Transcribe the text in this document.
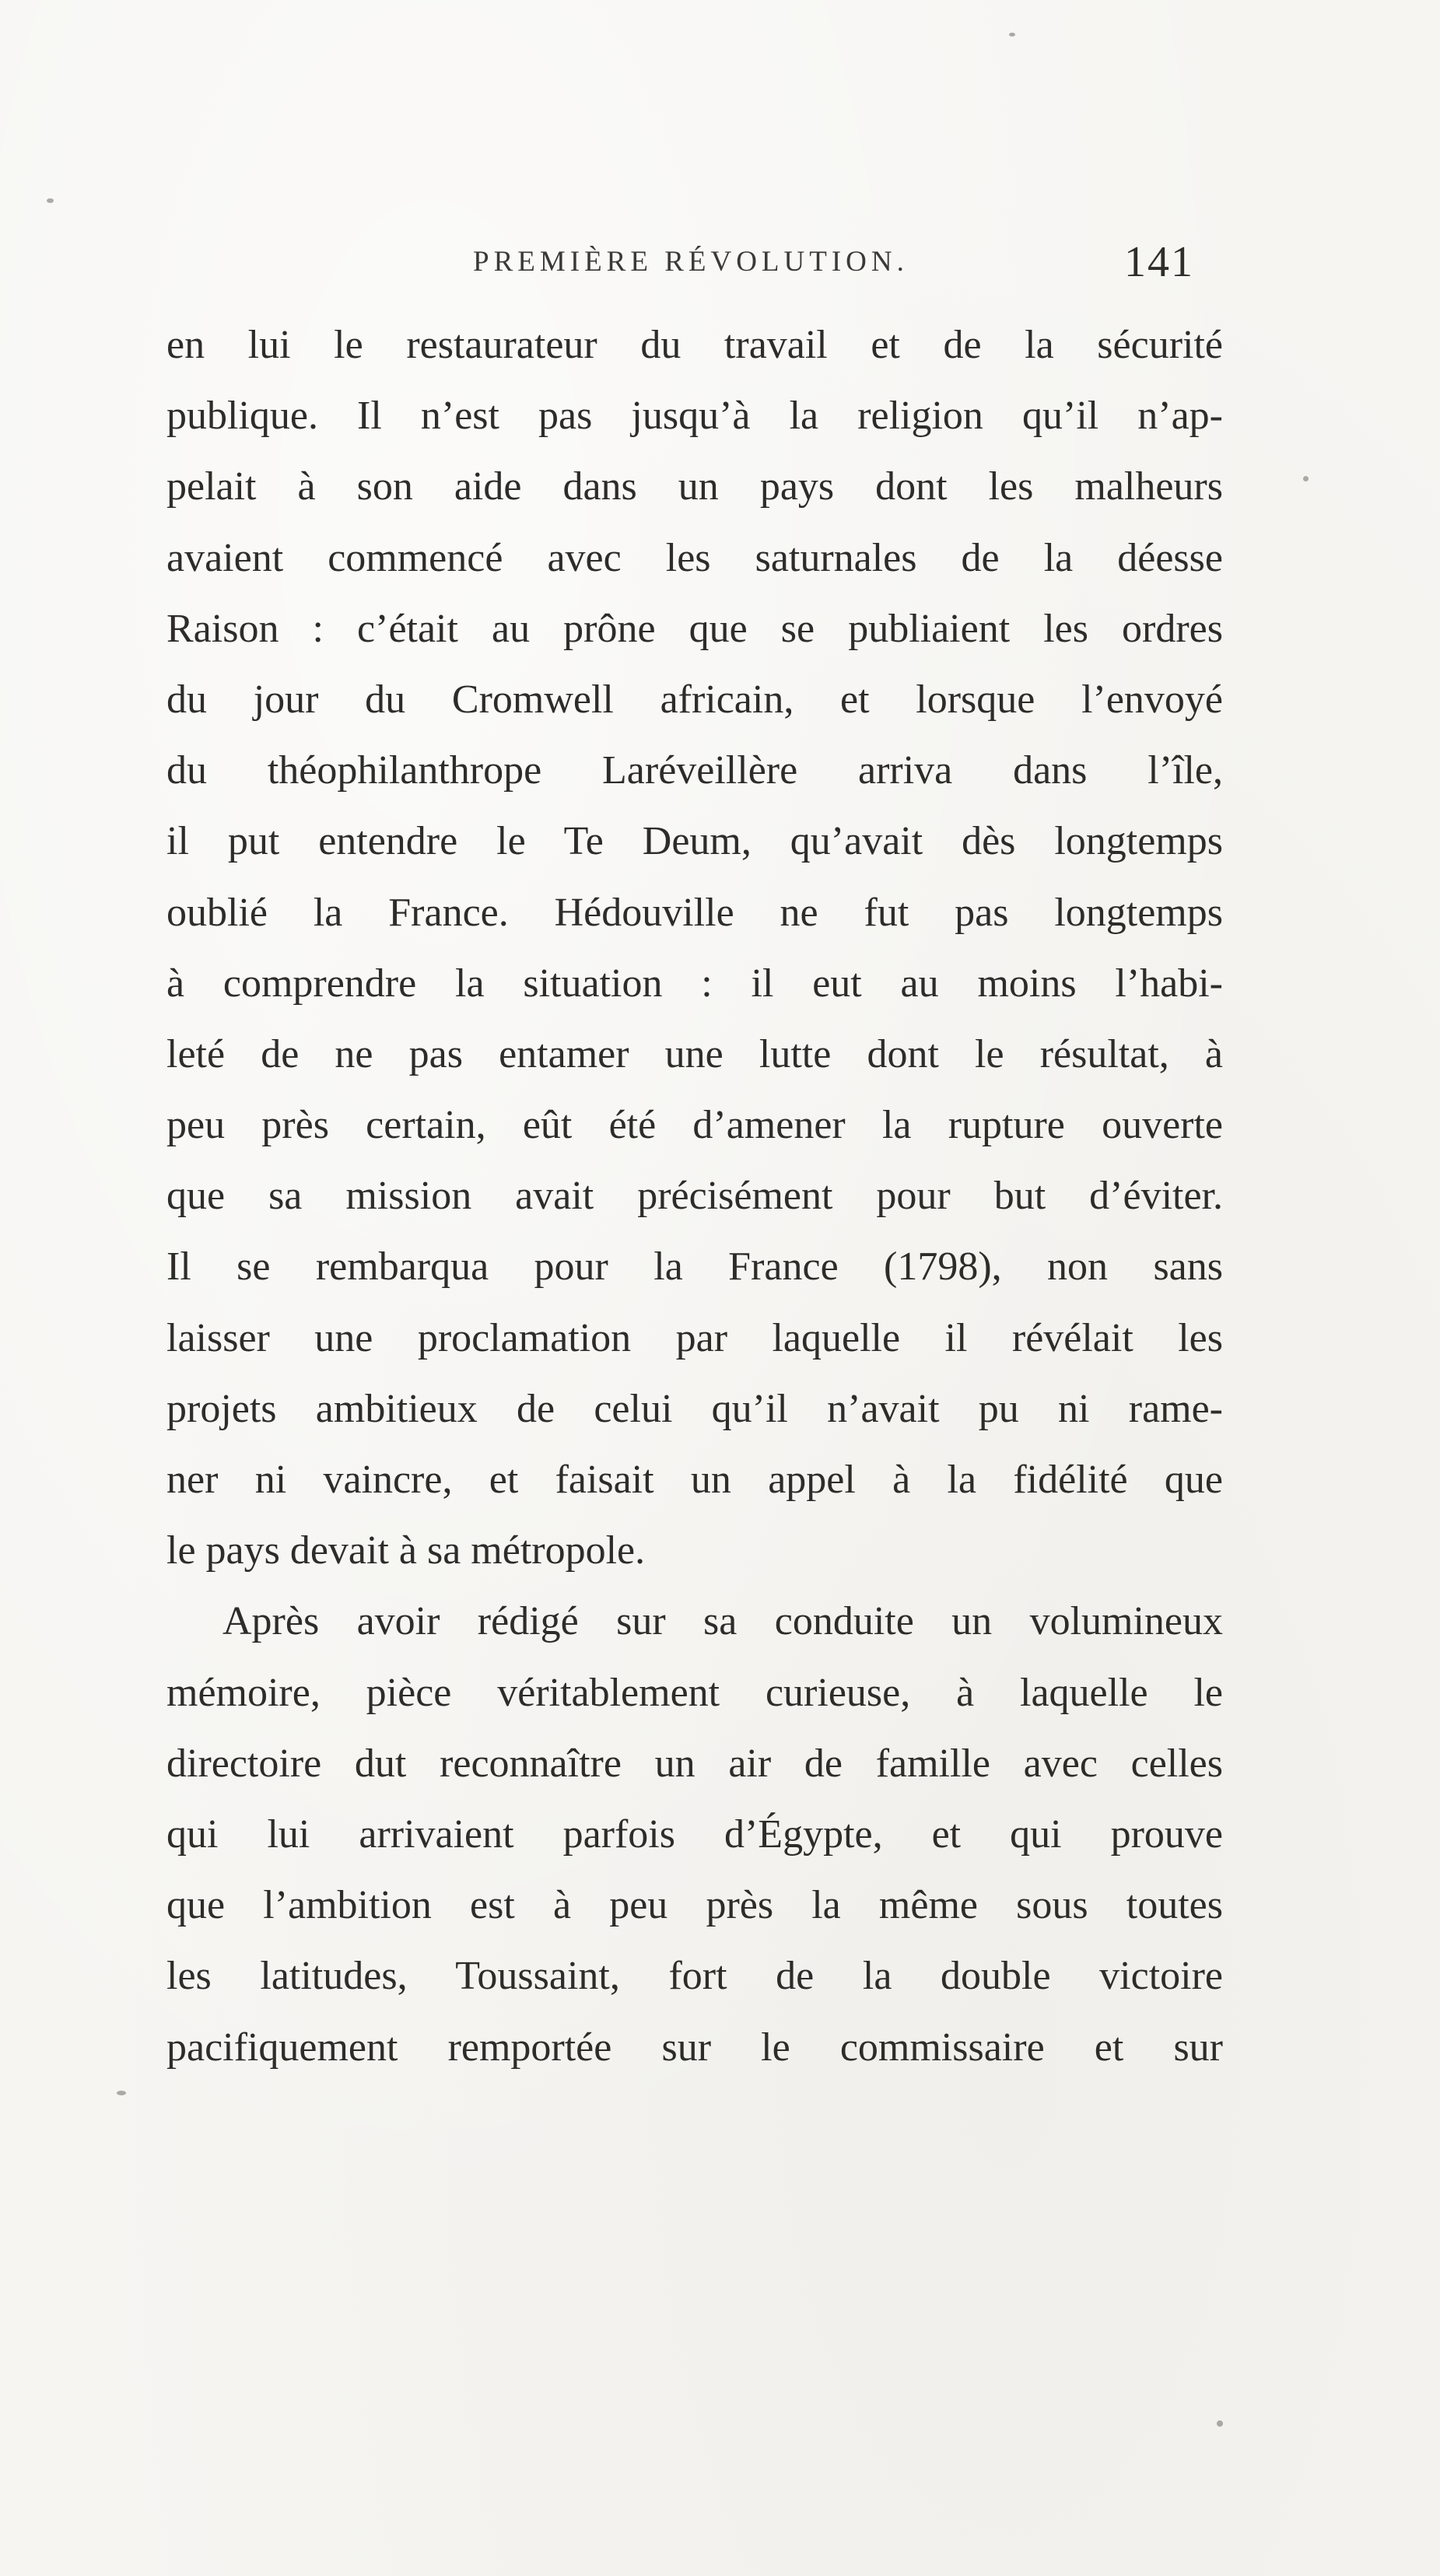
PREMIÈRE RÉVOLUTION.	141
en lui le restaurateur du travail et de la sécurité
publique. Il n’est pas jusqu’à la religion qu’il n’ap-
pelait à son aide dans un pays dont les malheurs
avaient commencé avec les saturnales de la déesse
Raison : c’était au prône que se publiaient les ordres
du jour du Cromwell africain, et lorsque l’envoyé
du théophilanthrope Laréveillère arriva dans l’île,
il put entendre le Te Deum, qu’avait dès longtemps
oublié la France. Hédouville ne fut pas longtemps
à comprendre la situation : il eut au moins l’habi-
leté de ne pas entamer une lutte dont le résultat, à
peu près certain, eût été d’amener la rupture ouverte
que sa mission avait précisément pour but d’éviter.
Il se rembarqua pour la France (1798), non sans
laisser une proclamation par laquelle il révélait les
projets ambitieux de celui qu’il n’avait pu ni rame-
ner ni vaincre, et faisait un appel à la fidélité que
le pays devait à sa métropole.
Après avoir rédigé sur sa conduite un volumineux
mémoire, pièce véritablement curieuse, à laquelle le
directoire dut reconnaître un air de famille avec celles
qui lui arrivaient parfois d’Égypte, et qui prouve
que l’ambition est à peu près la même sous toutes
les latitudes, Toussaint, fort de la double victoire
pacifiquement remportée sur le commissaire et sur
